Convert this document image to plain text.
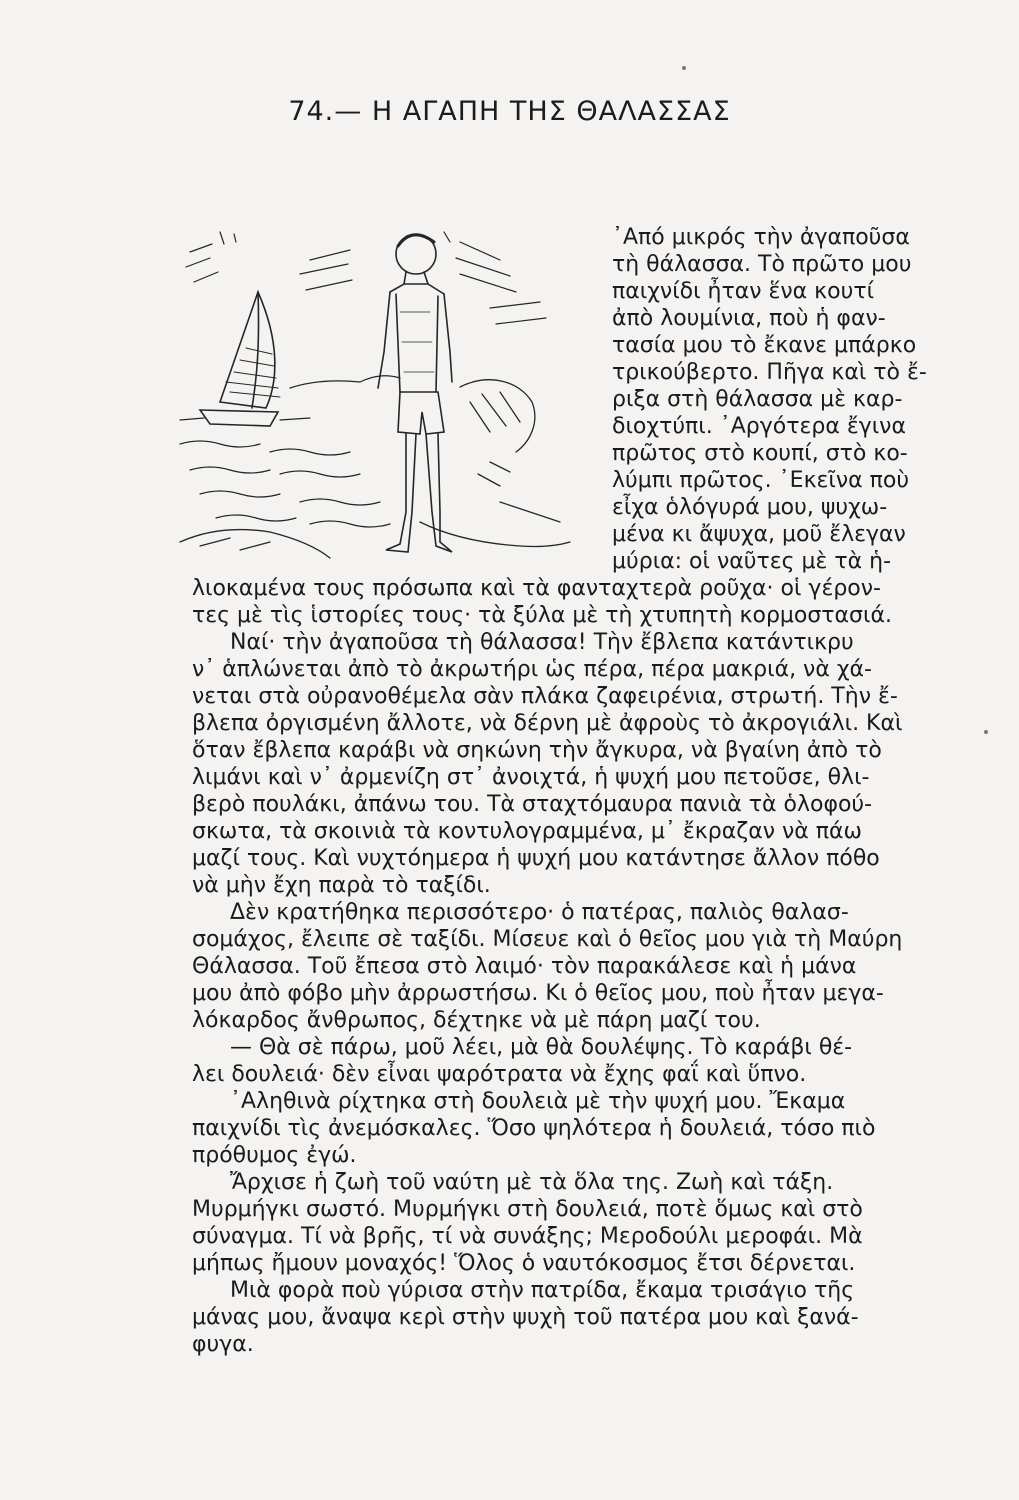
74.— Η ΑΓΑΠΗ ΤΗΣ ΘΑΛΑΣΣΑΣ
᾿Από μικρός τὴν ἀγαποῦσα
τὴ θάλασσα. Τὸ πρῶτο μου
παιχνίδι ἦταν ἕνα κουτί
ἀπὸ λουμίνια, ποὺ ἡ φαν-
τασία μου τὸ ἔκανε μπάρκο
τρικούβερτο. Πῆγα καὶ τὸ ἔ-
ριξα στὴ θάλασσα μὲ καρ-
διοχτύπι. ᾿Αργότερα ἔγινα
πρῶτος στὸ κουπί, στὸ κο-
λύμπι πρῶτος. ᾿Εκεῖνα ποὺ
εἶχα ὁλόγυρά μου, ψυχω-
μένα κι ἄψυχα, μοῦ ἔλεγαν
μύρια: οἱ ναῦτες μὲ τὰ ἡ-
λιοκαμένα τους πρόσωπα καὶ τὰ φανταχτερὰ ροῦχα· οἱ γέρον-
τες μὲ τὶς ἱστορίες τους· τὰ ξύλα μὲ τὴ χτυπητὴ κορμοστασιά.
Ναί· τὴν ἀγαποῦσα τὴ θάλασσα! Τὴν ἔβλεπα κατάντικρυ
ν᾿ ἁπλώνεται ἀπὸ τὸ ἀκρωτήρι ὡς πέρα, πέρα μακριά, νὰ χά-
νεται στὰ οὐρανοθέμελα σὰν πλάκα ζαφειρένια, στρωτή. Τὴν ἔ-
βλεπα ὀργισμένη ἄλλοτε, νὰ δέρνη μὲ ἀφροὺς τὸ ἀκρογιάλι. Καὶ
ὅταν ἔβλεπα καράβι νὰ σηκώνη τὴν ἄγκυρα, νὰ βγαίνη ἀπὸ τὸ
λιμάνι καὶ ν᾿ ἀρμενίζη στ᾿ ἀνοιχτά, ἡ ψυχή μου πετοῦσε, θλι-
βερὸ πουλάκι, ἀπάνω του. Τὰ σταχτόμαυρα πανιὰ τὰ ὁλοφού-
σκωτα, τὰ σκοινιὰ τὰ κοντυλογραμμένα, μ᾿ ἔκραζαν νὰ πάω
μαζί τους. Καὶ νυχτόημερα ἡ ψυχή μου κατάντησε ἄλλον πόθο
νὰ μὴν ἔχη παρὰ τὸ ταξίδι.
Δὲν κρατήθηκα περισσότερο· ὁ πατέρας, παλιὸς θαλασ-
σομάχος, ἔλειπε σὲ ταξίδι. Μίσευε καὶ ὁ θεῖος μου γιὰ τὴ Μαύρη
Θάλασσα. Τοῦ ἔπεσα στὸ λαιμό· τὸν παρακάλεσε καὶ ἡ μάνα
μου ἀπὸ φόβο μὴν ἀρρωστήσω. Κι ὁ θεῖος μου, ποὺ ἦταν μεγα-
λόκαρδος ἄνθρωπος, δέχτηκε νὰ μὲ πάρη μαζί του.
— Θὰ σὲ πάρω, μοῦ λέει, μὰ θὰ δουλέψης. Τὸ καράβι θέ-
λει δουλειά· δὲν εἶναι ψαρότρατα νὰ ἔχης φαΐ καὶ ὕπνο.
᾿Αληθινὰ ρίχτηκα στὴ δουλειὰ μὲ τὴν ψυχή μου. Ἔκαμα
παιχνίδι τὶς ἀνεμόσκαλες. Ὅσο ψηλότερα ἡ δουλειά, τόσο πιὸ
πρόθυμος ἐγώ.
Ἄρχισε ἡ ζωὴ τοῦ ναύτη μὲ τὰ ὅλα της. Ζωὴ καὶ τάξη.
Μυρμήγκι σωστό. Μυρμήγκι στὴ δουλειά, ποτὲ ὅμως καὶ στὸ
σύναγμα. Τί νὰ βρῆς, τί νὰ συνάξης; Μεροδούλι μεροφάι. Μὰ
μήπως ἤμουν μοναχός! Ὅλος ὁ ναυτόκοσμος ἔτσι δέρνεται.
Μιὰ φορὰ ποὺ γύρισα στὴν πατρίδα, ἔκαμα τρισάγιο τῆς
μάνας μου, ἄναψα κερὶ στὴν ψυχὴ τοῦ πατέρα μου καὶ ξανά-
φυγα.
